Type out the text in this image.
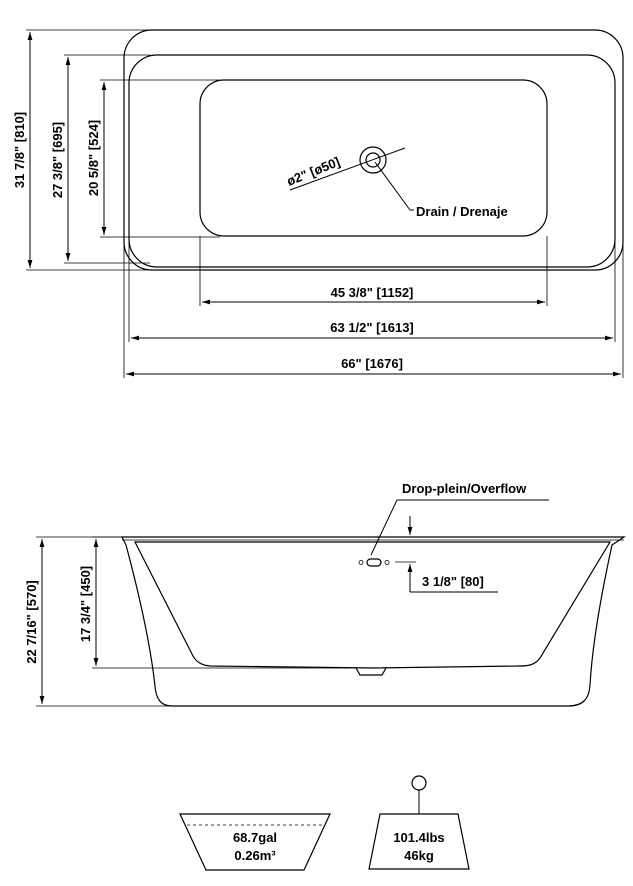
ø2" [ø50]
Drain / Drenaje
45 3/8" [1152]
63 1/2" [1613]
66" [1676]
31 7/8" [810] 27 3/8" [695] 20 5/8" [524]
Drop-plein/Overflow
3 1/8" [80]
22 7/16" [570]	17 3/4" [450]
68.7gal
0.26m³
101.4lbs
46kg
